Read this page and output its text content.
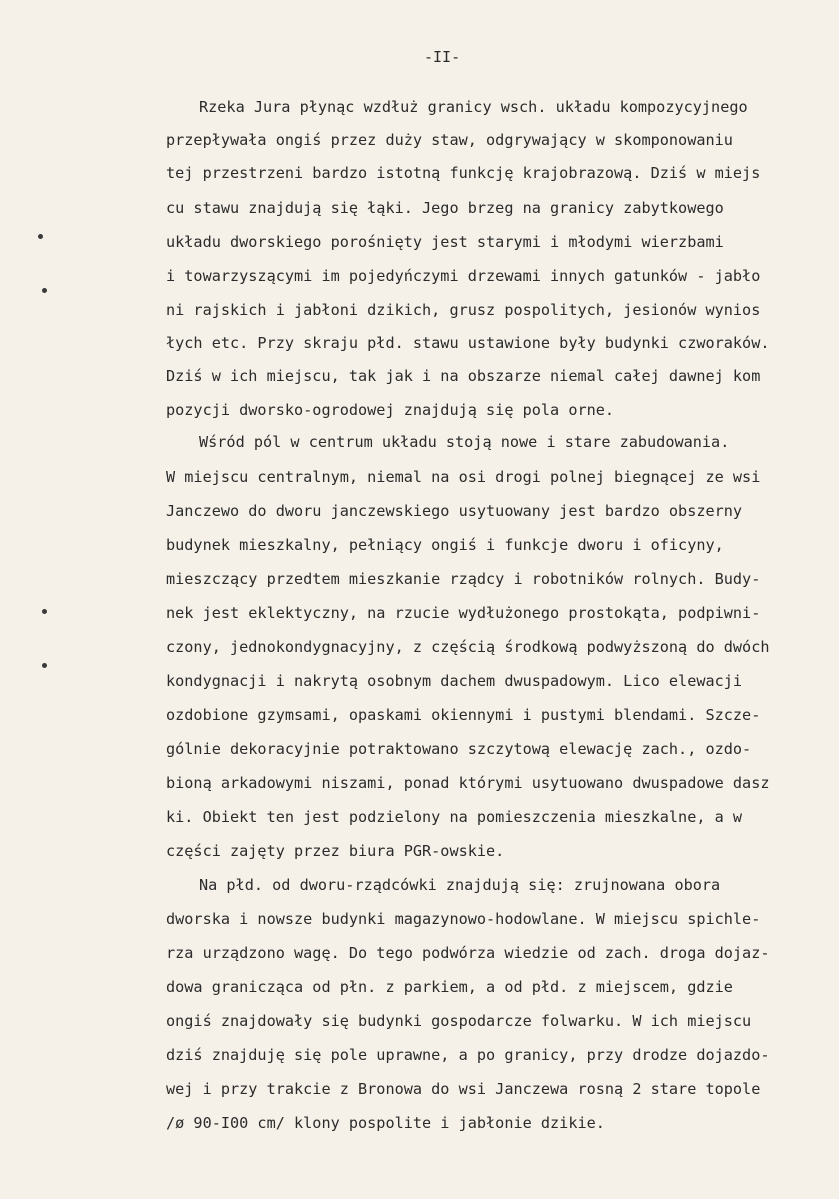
-II-
Rzeka Jura płynąc wzdłuż granicy wsch. układu kompozycyjnego
przepływała ongiś przez duży staw, odgrywający w skomponowaniu
tej przestrzeni bardzo istotną funkcję krajobrazową. Dziś w miejs
cu stawu znajdują się łąki. Jego brzeg na granicy zabytkowego
układu dworskiego porośnięty jest starymi i młodymi wierzbami
i towarzyszącymi im pojedyńczymi drzewami innych gatunków - jabło
ni rajskich i jabłoni dzikich, grusz pospolitych, jesionów wynios
łych etc. Przy skraju płd. stawu ustawione były budynki czworaków.
Dziś w ich miejscu, tak jak i na obszarze niemal całej dawnej kom
pozycji dworsko-ogrodowej znajdują się pola orne.
Wśród pól w centrum układu stoją nowe i stare zabudowania.
W miejscu centralnym, niemal na osi drogi polnej biegnącej ze wsi
Janczewo do dworu janczewskiego usytuowany jest bardzo obszerny
budynek mieszkalny, pełniący ongiś i funkcje dworu i oficyny,
mieszczący przedtem mieszkanie rządcy i robotników rolnych. Budy-
nek jest eklektyczny, na rzucie wydłużonego prostokąta, podpiwni-
czony, jednokondygnacyjny, z częścią środkową podwyższoną do dwóch
kondygnacji i nakrytą osobnym dachem dwuspadowym. Lico elewacji
ozdobione gzymsami, opaskami okiennymi i pustymi blendami. Szcze-
gólnie dekoracyjnie potraktowano szczytową elewację zach., ozdo-
bioną arkadowymi niszami, ponad którymi usytuowano dwuspadowe dasz
ki. Obiekt ten jest podzielony na pomieszczenia mieszkalne, a w
części zajęty przez biura PGR-owskie.
Na płd. od dworu-rządcówki znajdują się: zrujnowana obora
dworska i nowsze budynki magazynowo-hodowlane. W miejscu spichle-
rza urządzono wagę. Do tego podwórza wiedzie od zach. droga dojaz-
dowa granicząca od płn. z parkiem, a od płd. z miejscem, gdzie
ongiś znajdowały się budynki gospodarcze folwarku. W ich miejscu
dziś znajduję się pole uprawne, a po granicy, przy drodze dojazdo-
wej i przy trakcie z Bronowa do wsi Janczewa rosną 2 stare topole
/ø 90-I00 cm/ klony pospolite i jabłonie dzikie.
